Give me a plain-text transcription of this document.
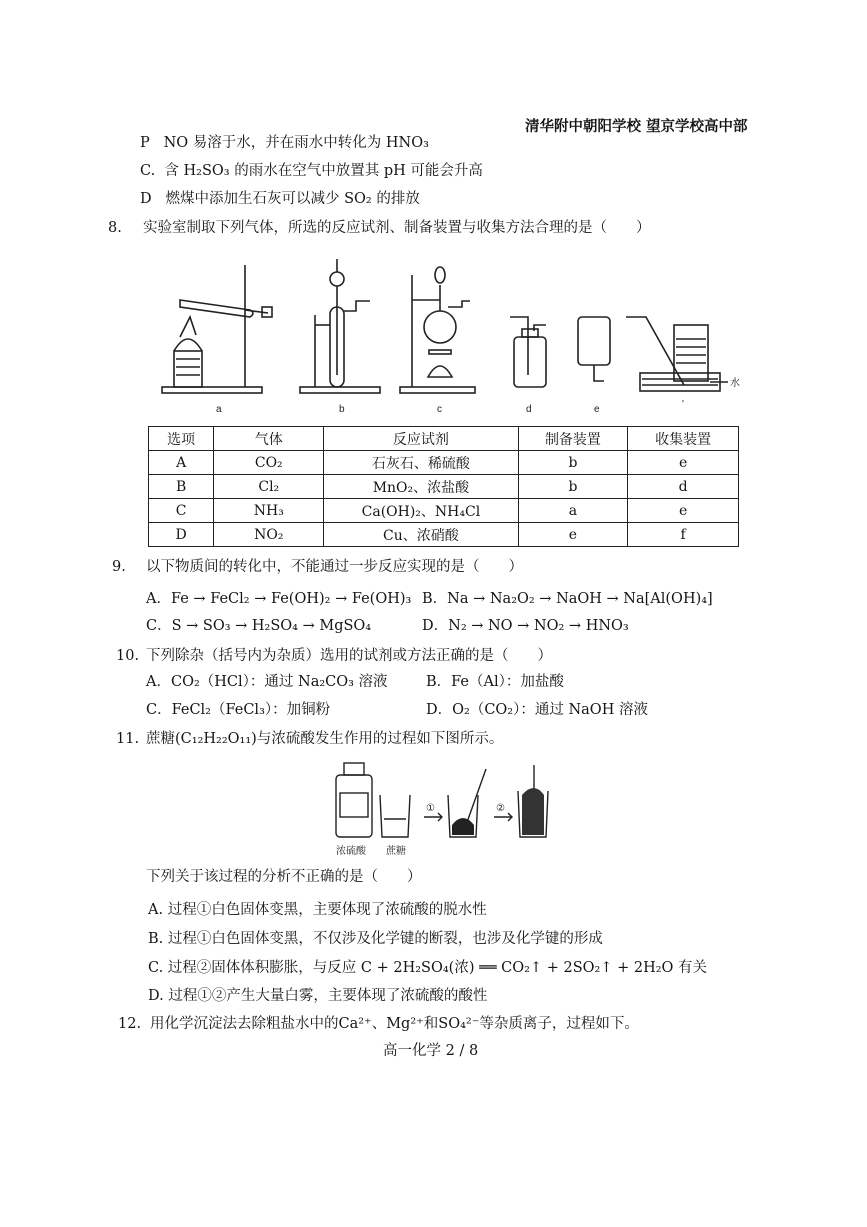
清华附中朝阳学校 望京学校高中部
P NO 易溶于水，并在雨水中转化为 HNO₃
C. 含 H₂SO₃ 的雨水在空气中放置其 pH 可能会升高
D 燃煤中添加生石灰可以减少 SO₂ 的排放
8. 实验室制取下列气体，所选的反应试剂、制备装置与收集方法合理的是（　　）
a	b	c	d	e	'
水
选项	气体	反应试剂	制备装置	收集装置
A	CO₂	石灰石、稀硫酸	b	e
B	Cl₂	MnO₂、浓盐酸	b	d
C	NH₃	Ca(OH)₂、NH₄Cl	a	e
D	NO₂	Cu、浓硝酸	e	f
9. 以下物质间的转化中，不能通过一步反应实现的是（　　）
A．Fe → FeCl₂ → Fe(OH)₂ → Fe(OH)₃ B．Na → Na₂O₂ → NaOH → Na[Al(OH)₄]
C．S → SO₃ → H₂SO₄ → MgSO₄	D．N₂ → NO → NO₂ → HNO₃
10. 下列除杂（括号内为杂质）选用的试剂或方法正确的是（　　）
A．CO₂（HCl）：通过 Na₂CO₃ 溶液	B．Fe（Al）：加盐酸
C．FeCl₂（FeCl₃）：加铜粉	D．O₂（CO₂）：通过 NaOH 溶液
11. 蔗糖(C₁₂H₂₂O₁₁)与浓硫酸发生作用的过程如下图所示。
①	②
浓硫酸 蔗糖
下列关于该过程的分析不正确的是（　　）
A. 过程①白色固体变黑，主要体现了浓硫酸的脱水性
B. 过程①白色固体变黑，不仅涉及化学键的断裂，也涉及化学键的形成
C. 过程②固体体积膨胀，与反应 C + 2H₂SO₄(浓) ══ CO₂↑ + 2SO₂↑ + 2H₂O 有关
D. 过程①②产生大量白雾，主要体现了浓硫酸的酸性
12. 用化学沉淀法去除粗盐水中的Ca²⁺、Mg²⁺和SO₄²⁻等杂质离子，过程如下。
高一化学 2 / 8
